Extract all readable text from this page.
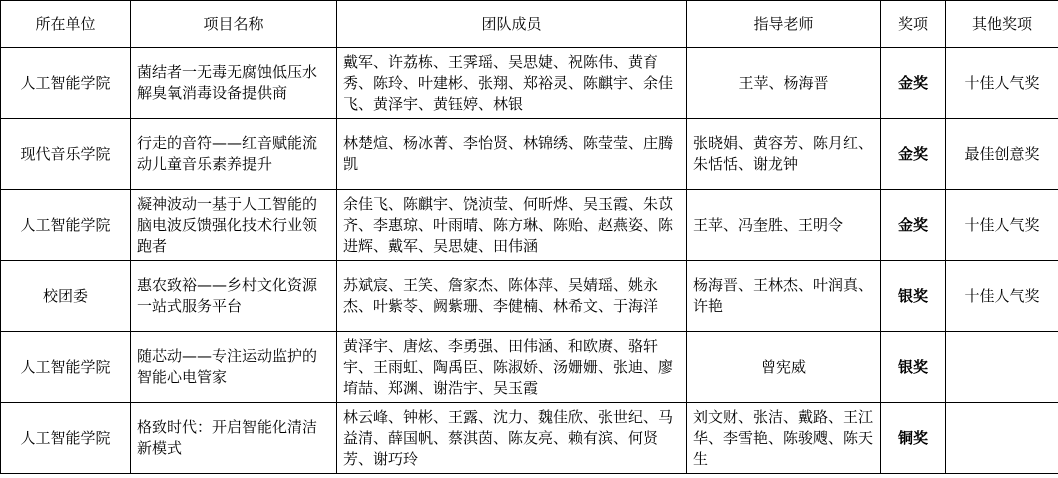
所在单位	项目名称	团队成员	指导老师	奖项	其他奖项
人工智能学院	菌结者一无毒无腐蚀低压水解臭氧消毒设备提供商	戴军、许荔栋、王霁瑶、吴思婕、祝陈伟、黄育秀、陈玲、叶建彬、张翔、郑裕灵、陈麒宇、余佳飞、黄泽宇、黄钰婷、林银	王苹、杨海晋	金奖	十佳人气奖
现代音乐学院	行走的音符——红音赋能流动儿童音乐素养提升	林楚煊、杨冰菁、李怡贤、林锦绣、陈莹莹、庄腾凯	张晓娟、黄容芳、陈月红、朱恬恬、谢龙钟	金奖	最佳创意奖
人工智能学院	凝神波动一基于人工智能的脑电波反馈强化技术行业领跑者	余佳飞、陈麒宇、饶浈莹、何昕烨、吴玉霞、朱苡齐、李惠琼、叶雨晴、陈方琳、陈贻、赵燕姿、陈进辉、戴军、吴思婕、田伟涵	王苹、冯奎胜、王明令	金奖	十佳人气奖
校团委	惠农致裕——乡村文化资源一站式服务平台	苏斌宸、王笑、詹家杰、陈体萍、吴婧瑶、姚永杰、叶紫苓、阙紫珊、李健楠、林希文、于海洋	杨海晋、王林杰、叶润真、许艳	银奖	十佳人气奖
人工智能学院	随芯动——专注运动监护的智能心电管家	黄泽宇、唐炫、李勇强、田伟涵、和欧赓、骆轩宇、王雨虹、陶禹臣、陈淑娇、汤姗姗、张迪、廖堉喆、郑渊、谢浩宇、吴玉霞	曾宪威	银奖	
人工智能学院	格致时代：开启智能化清洁新模式	林云峰、钟彬、王露、沈力、魏佳欣、张世纪、马益清、薛国帆、蔡淇茵、陈友亮、赖有滨、何贤芳、谢巧玲	刘文财、张洁、戴路、王江华、李雪艳、陈骏飕、陈天生	铜奖	
